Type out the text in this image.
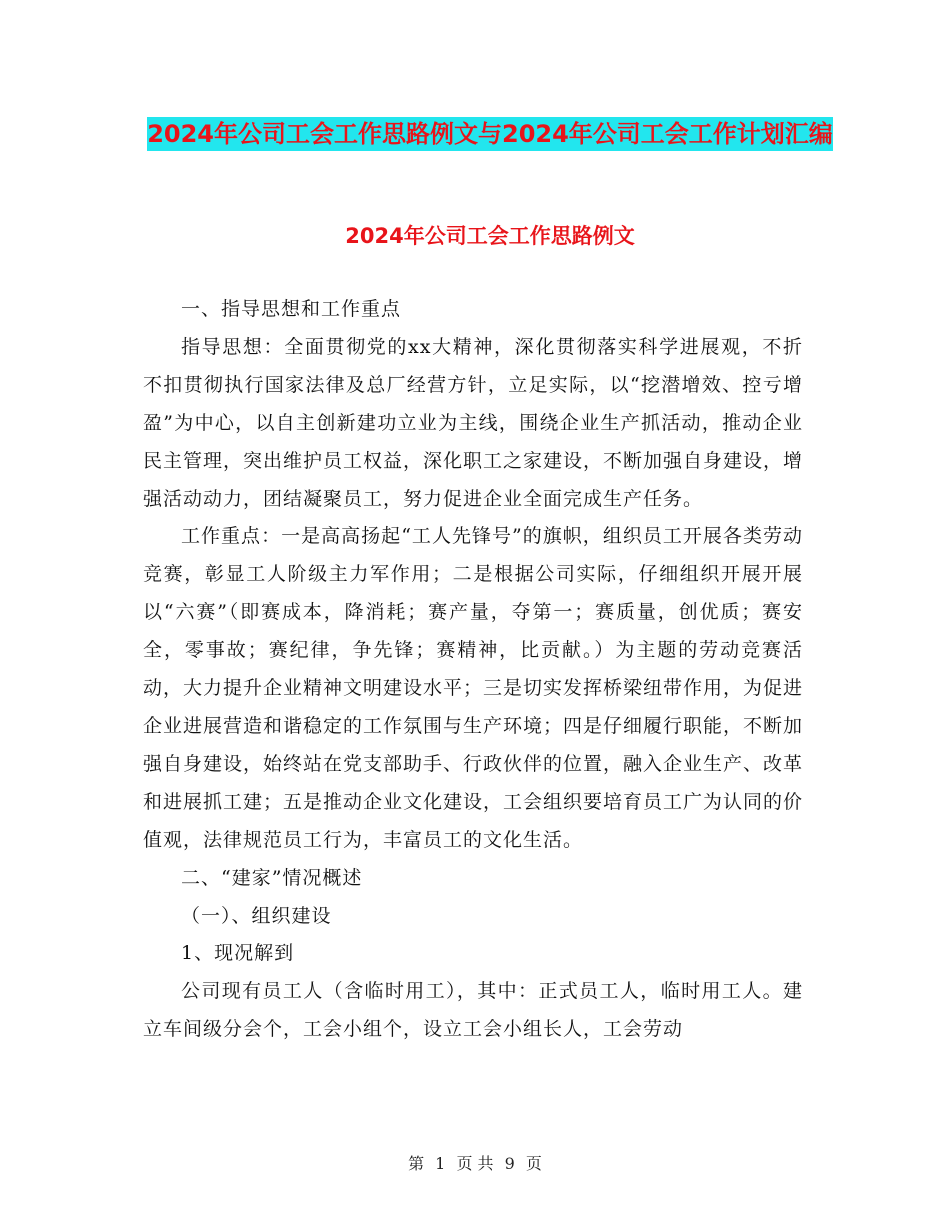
2024年公司工会工作思路例文与2024年公司工会工作计划汇编
2024年公司工会工作思路例文

一、指导思想和工作重点

指导思想：全面贯彻党的xx大精神，深化贯彻落实科学进展观，不折不扣贯彻执行国家法律及总厂经营方针，立足实际，以“挖潜增效、控亏增盈”为中心，以自主创新建功立业为主线，围绕企业生产抓活动，推动企业民主管理，突出维护员工权益，深化职工之家建设，不断加强自身建设，增强活动动力，团结凝聚员工，努力促进企业全面完成生产任务。

工作重点：一是高高扬起“工人先锋号”的旗帜，组织员工开展各类劳动竞赛，彰显工人阶级主力军作用；二是根据公司实际，仔细组织开展开展以“六赛”（即赛成本，降消耗；赛产量，夺第一；赛质量，创优质；赛安全，零事故；赛纪律，争先锋；赛精神，比贡献。）为主题的劳动竞赛活动，大力提升企业精神文明建设水平；三是切实发挥桥梁纽带作用，为促进企业进展营造和谐稳定的工作氛围与生产环境；四是仔细履行职能，不断加强自身建设，始终站在党支部助手、行政伙伴的位置，融入企业生产、改革和进展抓工建；五是推动企业文化建设，工会组织要培育员工广为认同的价值观，法律规范员工行为，丰富员工的文化生活。

二、“建家”情况概述

（一）、组织建设

1、现况解到

公司现有员工人（含临时用工），其中：正式员工人，临时用工人。建立车间级分会个，工会小组个，设立工会小组长人，工会劳动

第 1 页 共 9 页
